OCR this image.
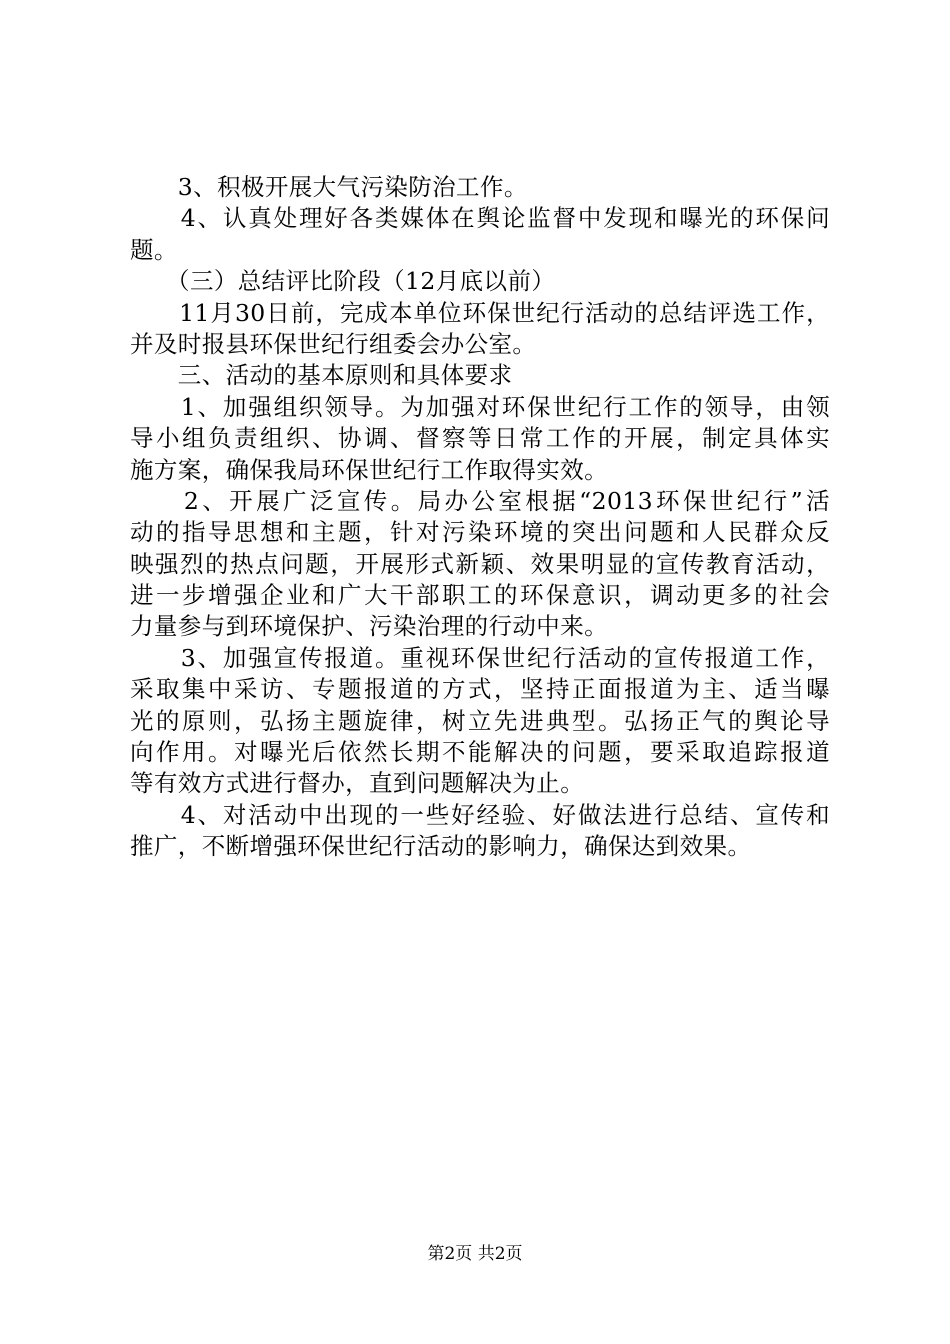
　　3、积极开展大气污染防治工作。
　　4、认真处理好各类媒体在舆论监督中发现和曝光的环保问
题。
　　（三）总结评比阶段（12月底以前）
　　11月30日前，完成本单位环保世纪行活动的总结评选工作，
并及时报县环保世纪行组委会办公室。
　　三、活动的基本原则和具体要求
　　1、加强组织领导。为加强对环保世纪行工作的领导，由领
导小组负责组织、协调、督察等日常工作的开展，制定具体实
施方案，确保我局环保世纪行工作取得实效。
　　2、开展广泛宣传。局办公室根据“2013环保世纪行”活
动的指导思想和主题，针对污染环境的突出问题和人民群众反
映强烈的热点问题，开展形式新颖、效果明显的宣传教育活动，
进一步增强企业和广大干部职工的环保意识，调动更多的社会
力量参与到环境保护、污染治理的行动中来。
　　3、加强宣传报道。重视环保世纪行活动的宣传报道工作，
采取集中采访、专题报道的方式，坚持正面报道为主、适当曝
光的原则，弘扬主题旋律，树立先进典型。弘扬正气的舆论导
向作用。对曝光后依然长期不能解决的问题，要采取追踪报道
等有效方式进行督办，直到问题解决为止。
　　4、对活动中出现的一些好经验、好做法进行总结、宣传和
推广，不断增强环保世纪行活动的影响力，确保达到效果。
第2页 共2页
